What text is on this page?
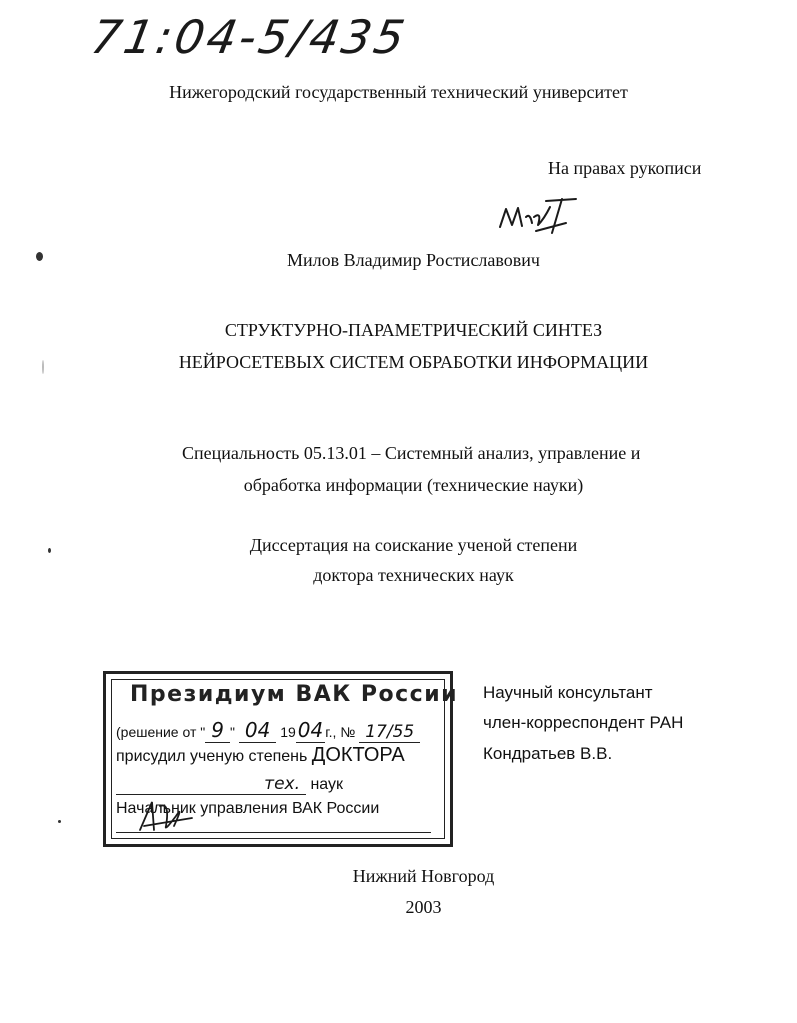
71:04-5/435
Нижегородский государственный технический университет
На правах рукописи
Милов Владимир Ростиславович
СТРУКТУРНО-ПАРАМЕТРИЧЕСКИЙ СИНТЕЗ
НЕЙРОСЕТЕВЫХ СИСТЕМ ОБРАБОТКИ ИНФОРМАЦИИ
Специальность 05.13.01 – Системный анализ, управление и
обработка информации (технические науки)
Диссертация на соискание ученой степени
доктора технических наук
Президиум ВАК России
(решение от " 9 " 04 19 04 г., № 17/55
присудил ученую степень ДОКТОРА
тех. наук
Начальник управления ВАК России
Научный консультант
член-корреспондент РАН
Кондратьев В.В.
Нижний Новгород
2003
